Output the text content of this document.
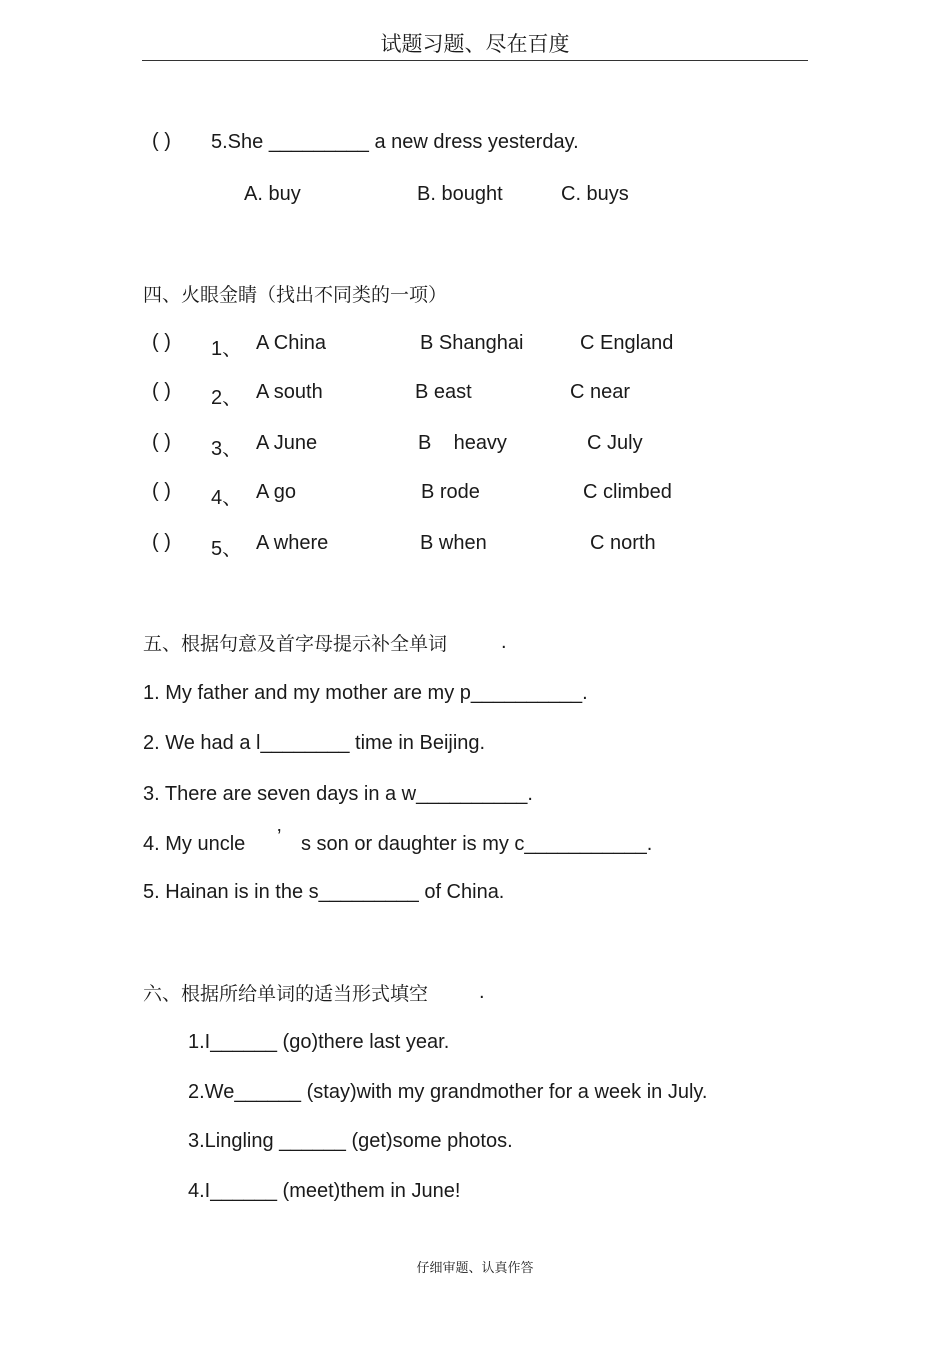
试题习题、尽在百度
( ) 5.She _________ a new dress yesterday.
A. buy	B. bought	C. buys
四、火眼金睛（找出不同类的一项）
( ) 1、 A China	B Shanghai	C England
( ) 2、 A south	B east	C near
( ) 3、 A June	B    heavy	C July
( ) 4、 A go	B rode	C climbed
( ) 5、 A where	B when	C north
五、根据句意及首字母提示补全单词	.
1. My father and my mother are my p__________.
2. We had a l________ time in Beijing.
3. There are seven days in a w__________.
4. My uncle ’ s son or daughter is my c___________.
5. Hainan is in the s_________ of China.
六、根据所给单词的适当形式填空	.
1.I______ (go)there last year.
2.We______ (stay)with my grandmother for a week in July.
3.Lingling ______ (get)some photos.
4.I______ (meet)them in June!
仔细审题、认真作答
